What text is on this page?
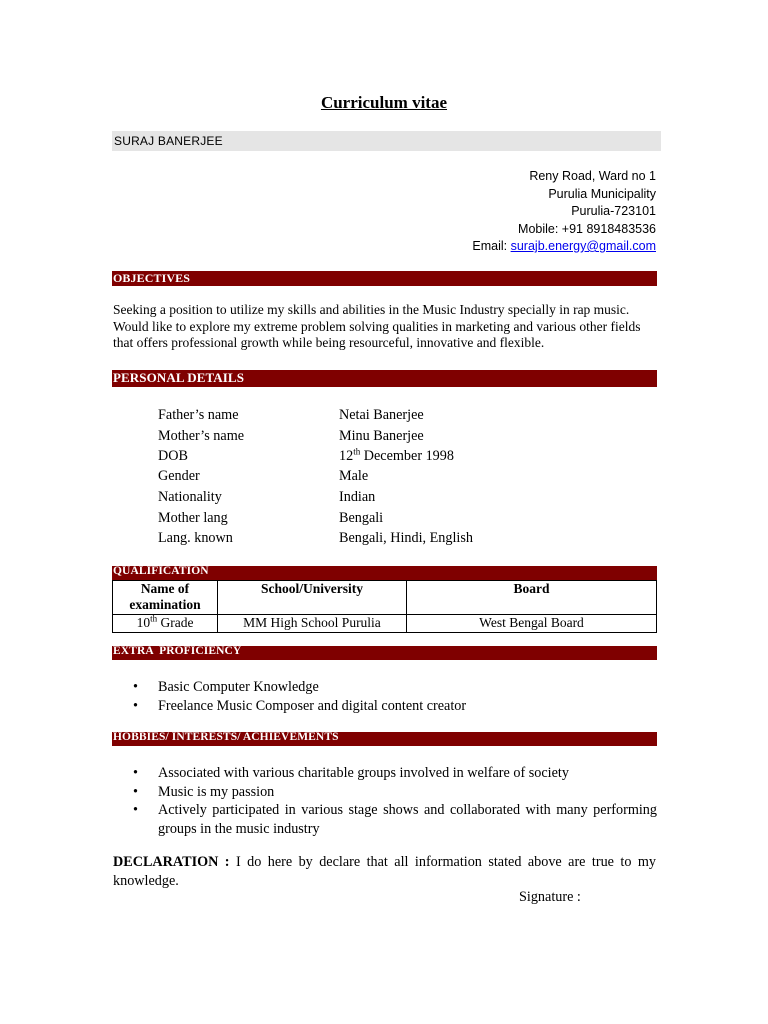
Curriculum vitae
SURAJ BANERJEE
Reny Road, Ward no 1
Purulia Municipality
Purulia-723101
Mobile: +91 8918483536
Email: surajb.energy@gmail.com
OBJECTIVES
Seeking a position to utilize my skills and abilities in the Music Industry specially in rap music.
Would like to explore my extreme problem solving qualities in marketing and various other fields
that offers professional growth while being resourceful, innovative and flexible.
PERSONAL DETAILS
Father’s name	Netai Banerjee
Mother’s name	Minu Banerjee
DOB	12th December 1998
Gender	Male
Nationality	Indian
Mother lang	Bengali
Lang. known	Bengali, Hindi, English
QUALIFICATION
Name of examination	School/University	Board
10th Grade	MM High School Purulia	West Bengal Board
EXTRA  PROFICIENCY
• Basic Computer Knowledge
• Freelance Music Composer and digital content creator
HOBBIES/ INTERESTS/ ACHIEVEMENTS
• Associated with various charitable groups involved in welfare of society
• Music is my passion
• Actively participated in various stage shows and collaborated with many performing groups in the music industry
DECLARATION : I do here by declare that all information stated above are true to my knowledge.
Signature :
